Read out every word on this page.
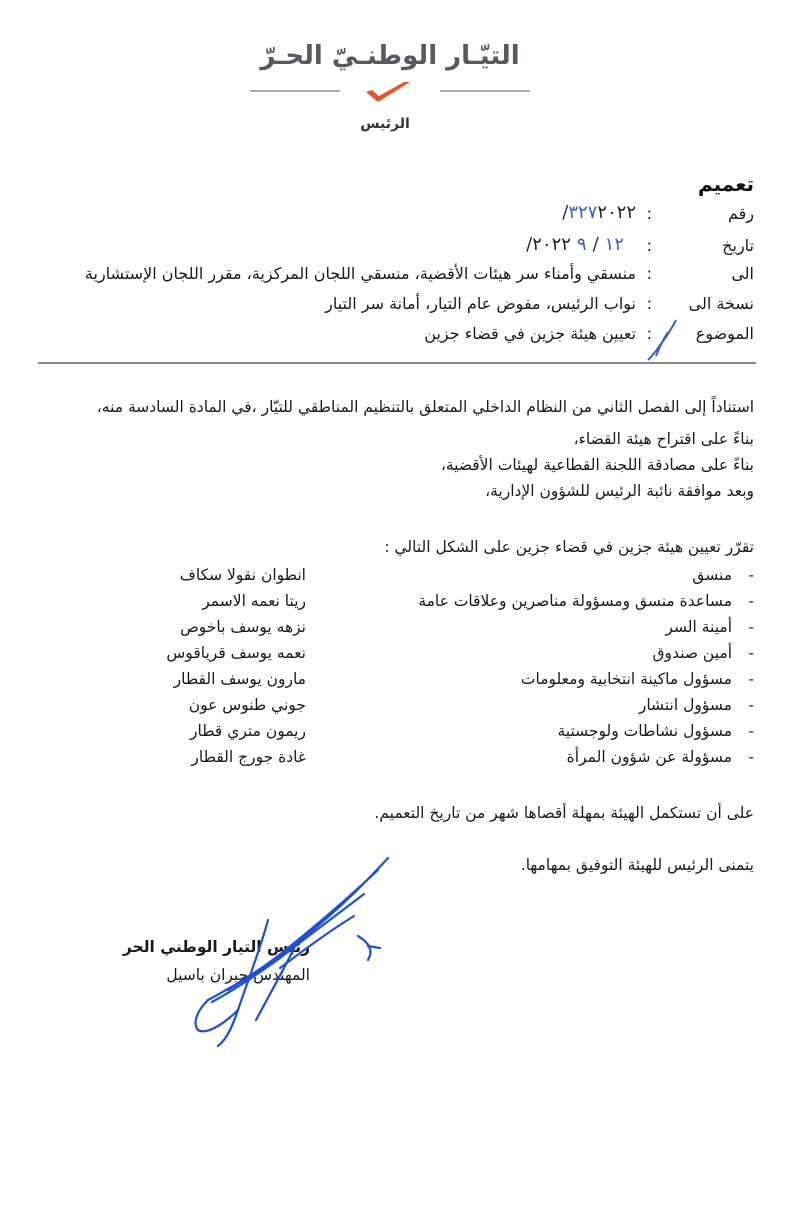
التيّـار الوطنـيّ الحـرّ
الرئيس
تعميم
رقم
:
٣٢٧٢٠٢٢/
تاريخ
:
١٢/٩٢٠٢٢/
الى
:
منسقي وأمناء سر هيئات الأقضية، منسقي اللجان المركزية، مقرر اللجان الإستشارية
نسخة الى
:
نواب الرئيس، مفوض عام التيار، أمانة سر التيار
الموضوع
:
تعيين هيئة جزين في قضاء جزين
استناداً إلى الفصل الثاني من النظام الداخلي المتعلق بالتنظيم المناطقي للتيّار ،في المادة السادسة منه،
بناءً على اقتراح هيئة القضاء،
بناءً على مصادقة اللجنة القطاعية لهيئات الأقضية،
وبعد موافقة نائبة الرئيس للشؤون الإدارية،
تقرّر تعيين هيئة جزين في قضاء جزين على الشكل التالي :
-
منسق
انطوان نقولا سكاف
-
مساعدة منسق ومسؤولة مناصرين وعلاقات عامة
ريتا نعمه الاسمر
-
أمينة السر
نزهه يوسف باخوص
-
أمين صندوق
نعمه يوسف قرياقوس
-
مسؤول ماكينة انتخابية ومعلومات
مارون يوسف القطار
-
مسؤول انتشار
جوني طنوس عون
-
مسؤول نشاطات ولوجستية
ريمون متري قطار
-
مسؤولة عن شؤون المرأة
غادة جورج القطار
على أن تستكمل الهيئة بمهلة أقصاها شهر من تاريخ التعميم.
يتمنى الرئيس للهيئة التوفيق بمهامها.
رئيس التيار الوطني الحر
المهندس جبران باسيل
